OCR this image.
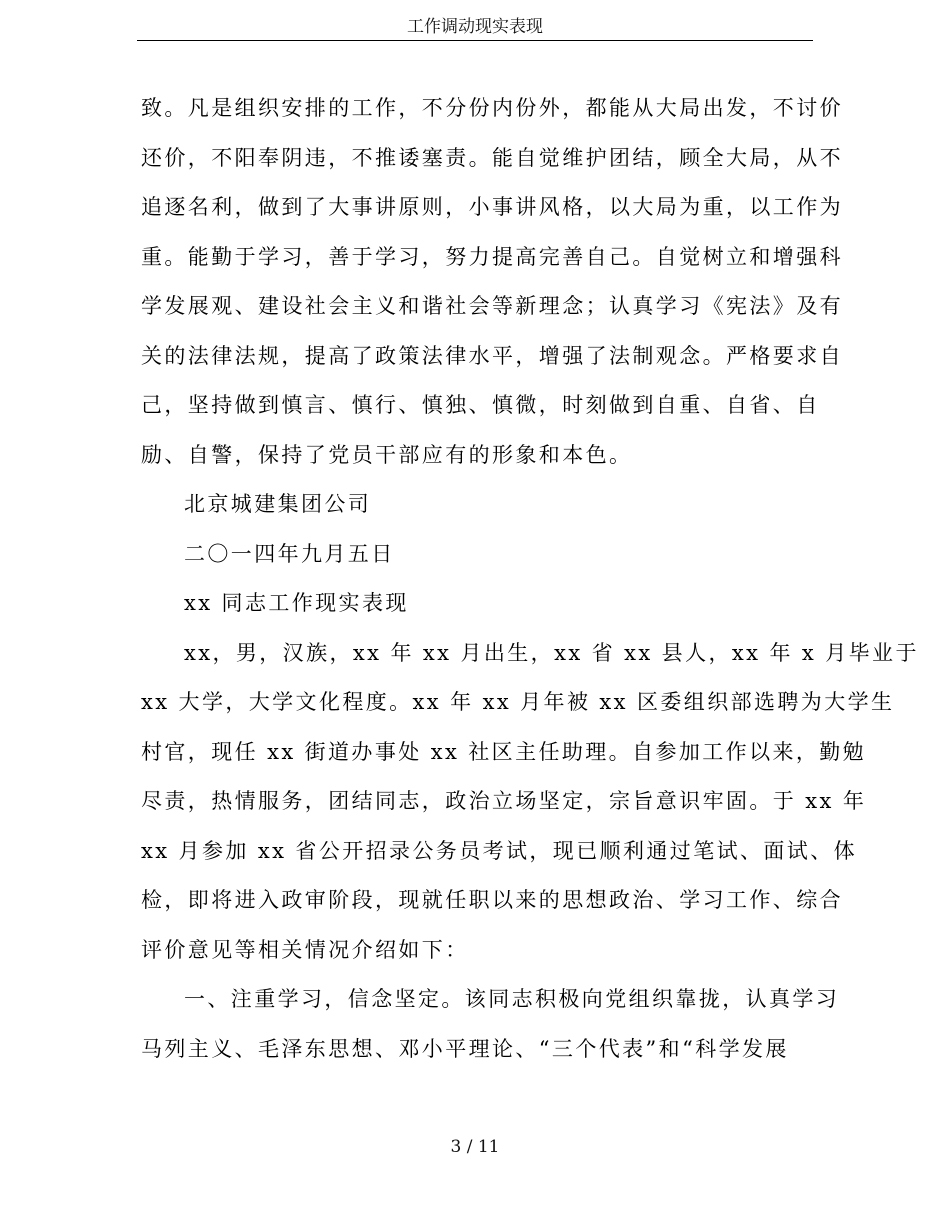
工作调动现实表现
致。凡是组织安排的工作，不分份内份外，都能从大局出发，不讨价
还价，不阳奉阴违，不推诿塞责。能自觉维护团结，顾全大局，从不
追逐名利，做到了大事讲原则，小事讲风格，以大局为重，以工作为
重。能勤于学习，善于学习，努力提高完善自己。自觉树立和增强科
学发展观、建设社会主义和谐社会等新理念；认真学习《宪法》及有
关的法律法规，提高了政策法律水平，增强了法制观念。严格要求自
己，坚持做到慎言、慎行、慎独、慎微，时刻做到自重、自省、自
励、自警，保持了党员干部应有的形象和本色。
北京城建集团公司
二〇一四年九月五日
xx 同志工作现实表现
xx，男，汉族，xx 年 xx 月出生，xx 省 xx 县人，xx 年 x 月毕业于
xx 大学，大学文化程度。xx 年 xx 月年被 xx 区委组织部选聘为大学生
村官，现任 xx 街道办事处 xx 社区主任助理。自参加工作以来，勤勉
尽责，热情服务，团结同志，政治立场坚定，宗旨意识牢固。于 xx 年
xx 月参加 xx 省公开招录公务员考试，现已顺利通过笔试、面试、体
检，即将进入政审阶段，现就任职以来的思想政治、学习工作、综合
评价意见等相关情况介绍如下：
一、注重学习，信念坚定。该同志积极向党组织靠拢，认真学习
马列主义、毛泽东思想、邓小平理论、“三个代表”和“科学发展
3 / 11
